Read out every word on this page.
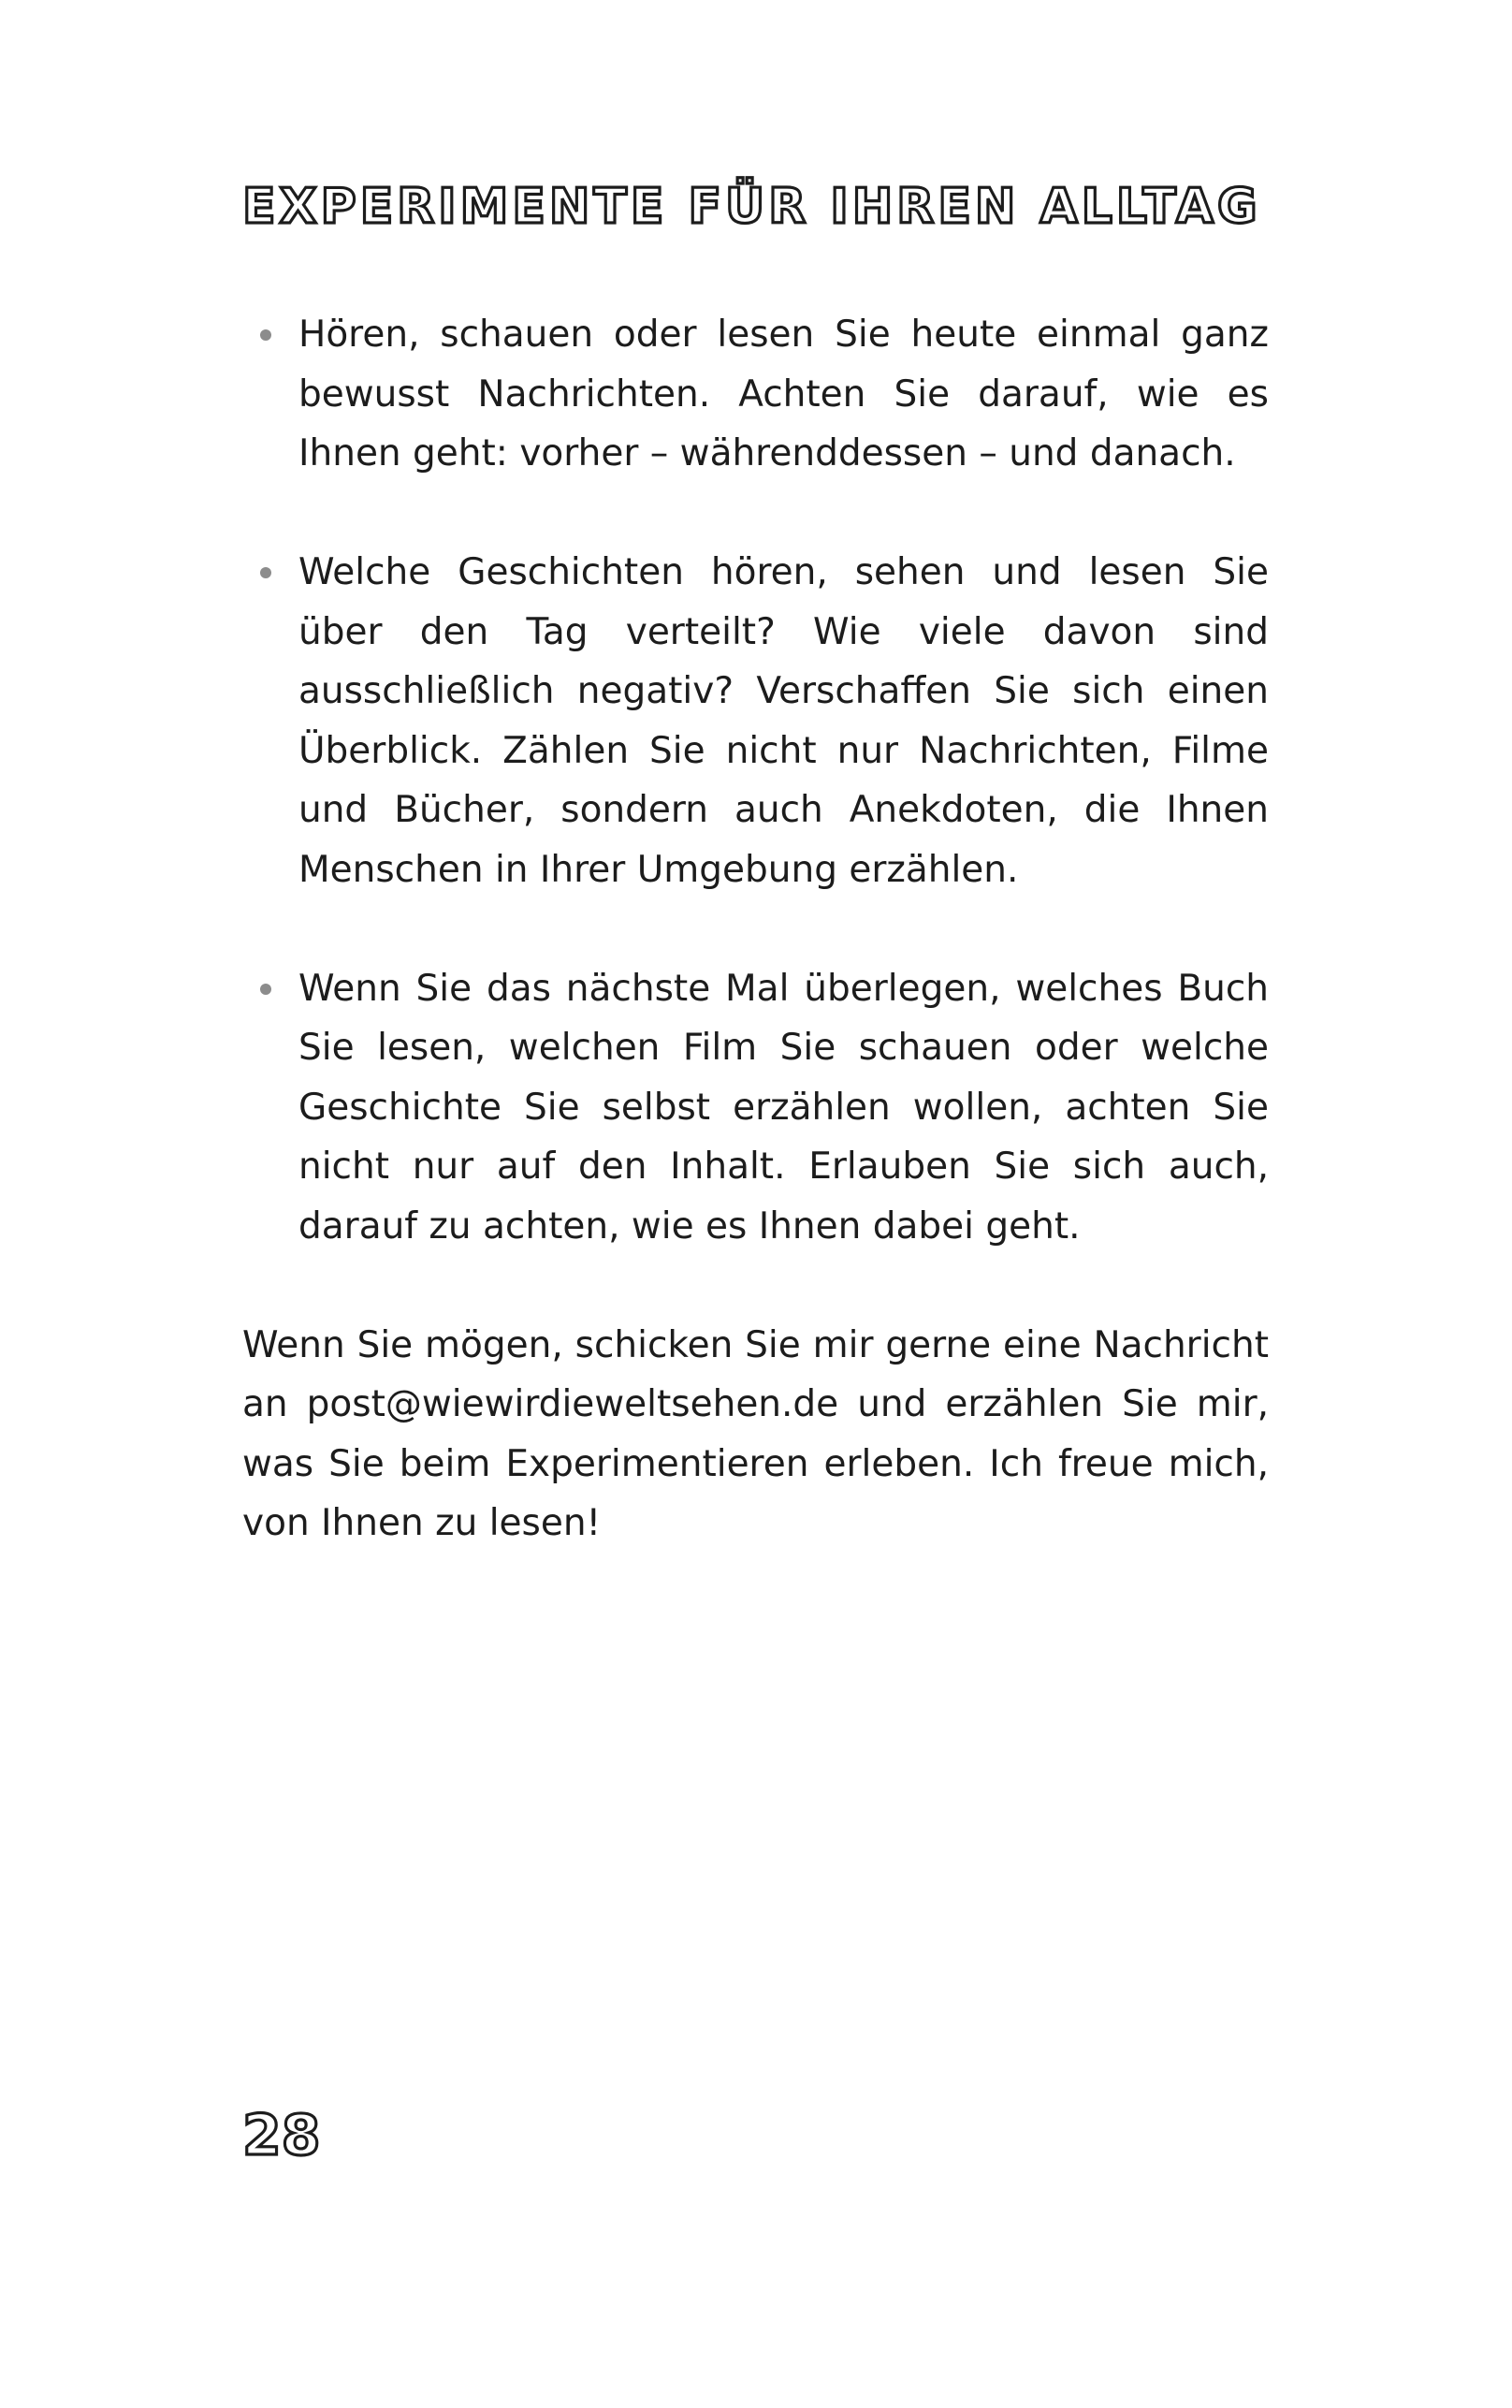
EXPERIMENTE FÜR IHREN ALLTAG
Hören, schauen oder lesen Sie heute einmal ganz bewusst Nachrichten. Achten Sie darauf, wie es Ihnen geht: vorher – währenddessen – und danach.
Welche Geschichten hören, sehen und lesen Sie über den Tag verteilt? Wie viele davon sind ausschließlich negativ? Verschaffen Sie sich einen Überblick. Zählen Sie nicht nur Nachrichten, Filme und Bücher, sondern auch Anekdoten, die Ihnen Menschen in Ihrer Umgebung erzählen.
Wenn Sie das nächste Mal überlegen, welches Buch Sie lesen, welchen Film Sie schauen oder welche Geschichte Sie selbst erzählen wollen, achten Sie nicht nur auf den Inhalt. Erlauben Sie sich auch, darauf zu achten, wie es Ihnen dabei geht.

Wenn Sie mögen, schicken Sie mir gerne eine Nachricht an post@wiewirdieweltsehen.de und erzählen Sie mir, was Sie beim Experimentieren erleben. Ich freue mich, von Ihnen zu lesen!

28
